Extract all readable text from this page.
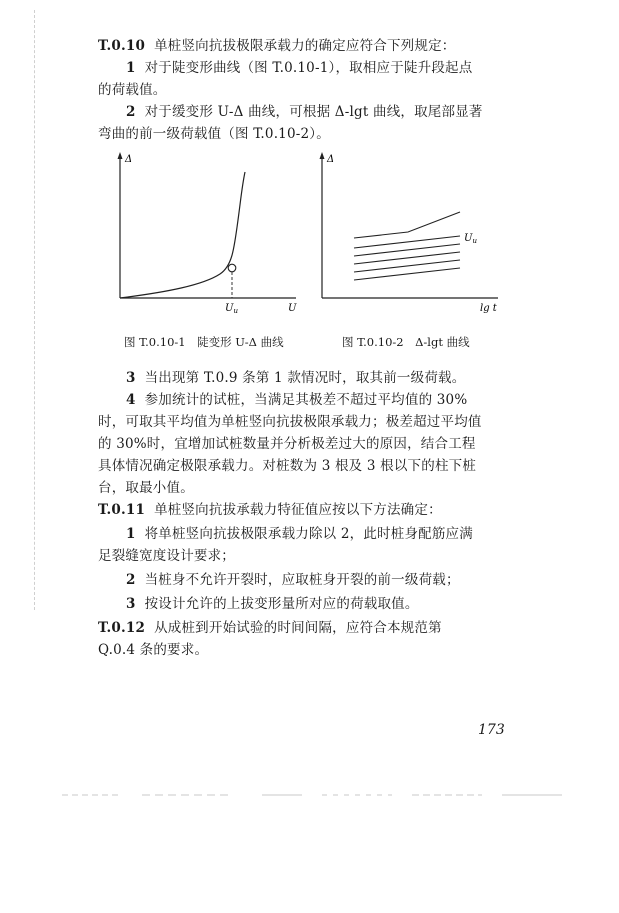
T.0.10 单桩竖向抗拔极限承载力的确定应符合下列规定：
1 对于陡变形曲线（图 T.0.10-1），取相应于陡升段起点
的荷载值。
2 对于缓变形 U-Δ 曲线，可根据 Δ-lgt 曲线，取尾部显著
弯曲的前一级荷载值（图 T.0.10-2）。
Δ
U
$U_u$
图 T.0.10-1　陡变形 U-Δ 曲线
Δ
lg t
$U_u$
图 T.0.10-2　Δ-lgt 曲线
3 当出现第 T.0.9 条第 1 款情况时，取其前一级荷载。
4 参加统计的试桩，当满足其极差不超过平均值的 30%
时，可取其平均值为单桩竖向抗拔极限承载力；极差超过平均值
的 30%时，宜增加试桩数量并分析极差过大的原因，结合工程
具体情况确定极限承载力。对桩数为 3 根及 3 根以下的柱下桩
台，取最小值。
T.0.11 单桩竖向抗拔承载力特征值应按以下方法确定：
1 将单桩竖向抗拔极限承载力除以 2，此时桩身配筋应满
足裂缝宽度设计要求；
2 当桩身不允许开裂时，应取桩身开裂的前一级荷载；
3 按设计允许的上拔变形量所对应的荷载取值。
T.0.12 从成桩到开始试验的时间间隔，应符合本规范第
Q.0.4 条的要求。
173
